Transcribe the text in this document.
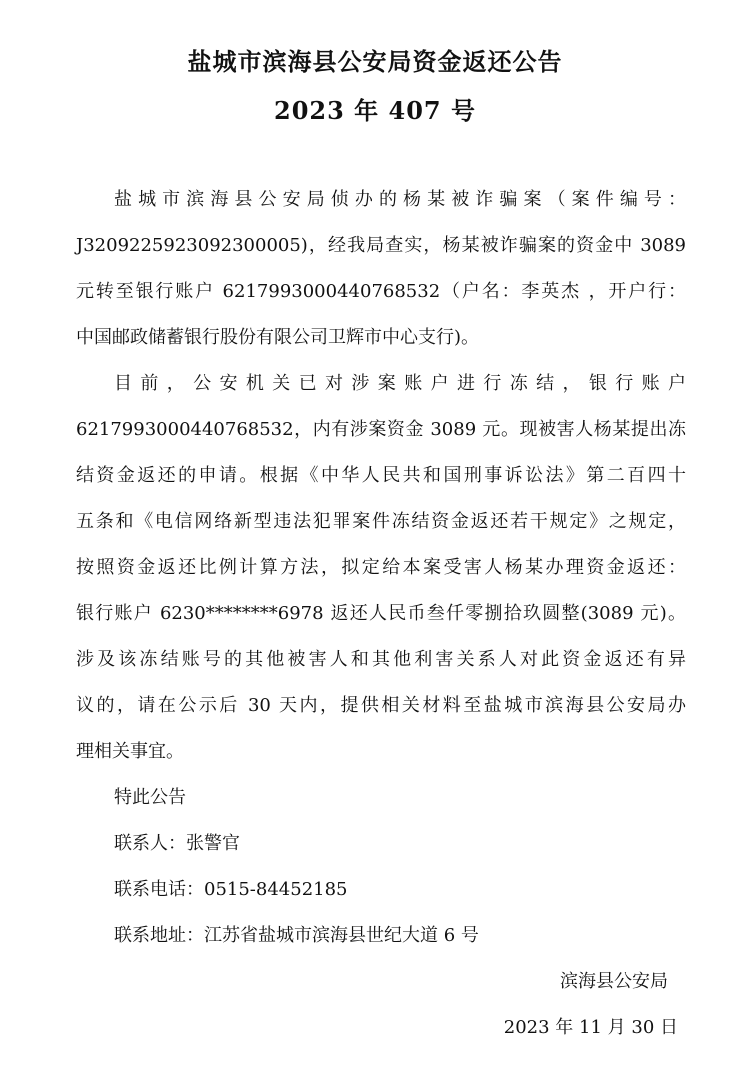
盐城市滨海县公安局资金返还公告
2023 年 407 号
盐城市滨海县公安局侦办的杨某被诈骗案（案件编号：
J3209225923092300005)，经我局查实，杨某被诈骗案的资金中 3089
元转至银行账户 6217993000440768532（户名：李英杰 ，开户行：
中国邮政储蓄银行股份有限公司卫辉市中心支行)。
目前，公安机关已对涉案账户进行冻结，银行账户
6217993000440768532，内有涉案资金 3089 元。现被害人杨某提出冻
结资金返还的申请。根据《中华人民共和国刑事诉讼法》第二百四十
五条和《电信网络新型违法犯罪案件冻结资金返还若干规定》之规定，
按照资金返还比例计算方法，拟定给本案受害人杨某办理资金返还：
银行账户 6230********6978 返还人民币叁仟零捌拾玖圆整(3089 元)。
涉及该冻结账号的其他被害人和其他利害关系人对此资金返还有异
议的，请在公示后 30 天内，提供相关材料至盐城市滨海县公安局办
理相关事宜。
特此公告
联系人：张警官
联系电话：0515-84452185
联系地址：江苏省盐城市滨海县世纪大道 6 号
滨海县公安局
2023 年 11 月 30 日
